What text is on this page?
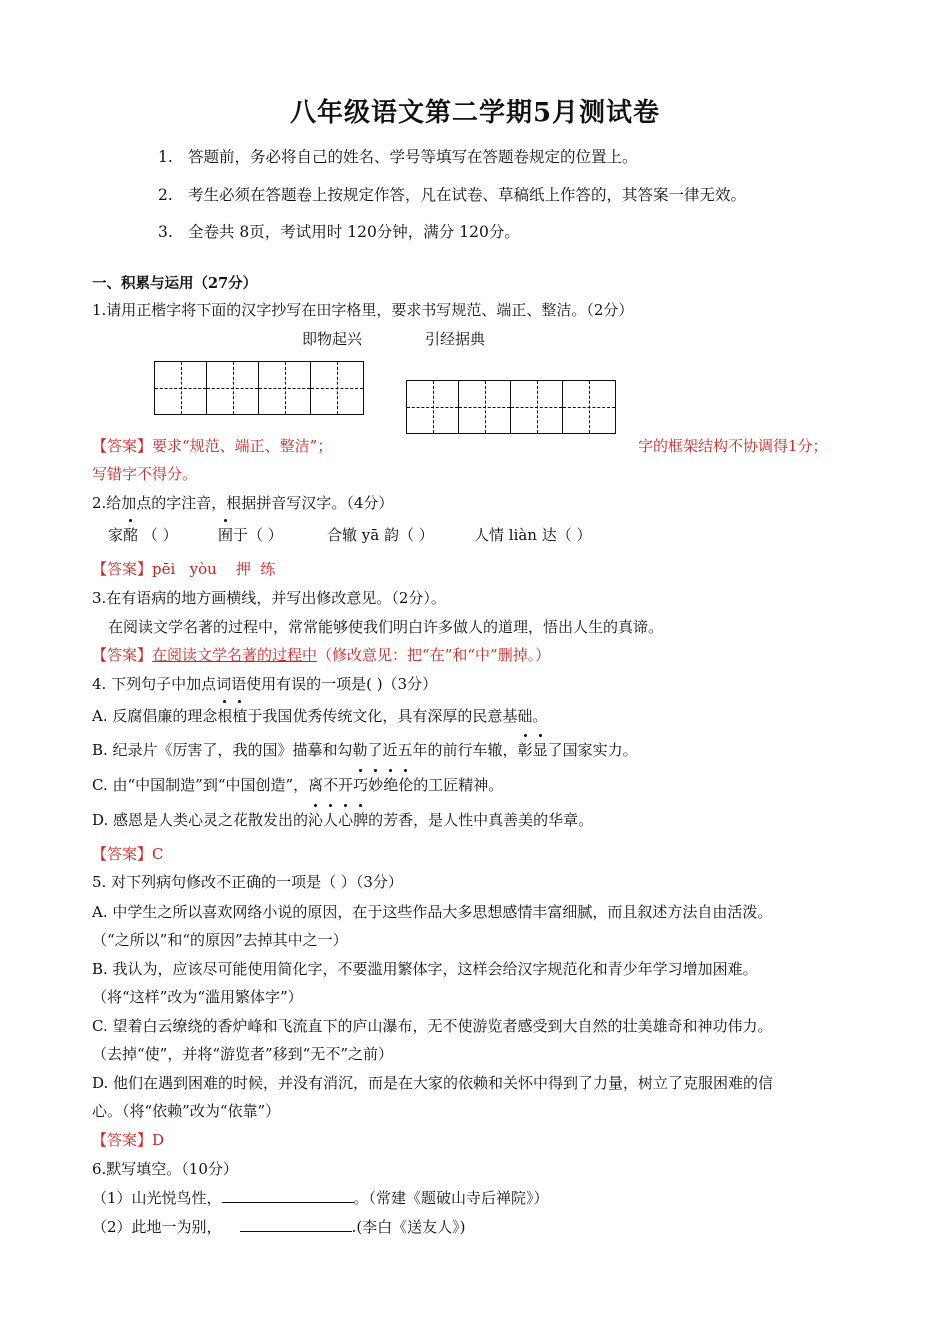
八年级语文第二学期5月测试卷
1. 答题前，务必将自己的姓名、学号等填写在答题卷规定的位置上。
2. 考生必须在答题卷上按规定作答，凡在试卷、草稿纸上作答的，其答案一律无效。
3. 全卷共 8页，考试用时 120分钟，满分 120分。
一、积累与运用（27分）
1.请用正楷字将下面的汉字抄写在田字格里，要求书写规范、端正、整洁。（2分）
即物起兴	引经据典
【答案】要求“规范、端正、整洁”；	字的框架结构不协调得1分；
写错字不得分。
2.给加点的字注音，根据拼音写汉字。（4分）
家酩 （ ）	囿于（ ）	合辙 yā 韵（ ）	人情 liàn 达（ ）
【答案】pēi   yòu    押  练
3.在有语病的地方画横线，并写出修改意见。（2分）。
在阅读文学名著的过程中，常常能够使我们明白许多做人的道理，悟出人生的真谛。
【答案】在阅读文学名著的过程中（修改意见：把“在”和“中”删掉。）
4. 下列句子中加点词语使用有误的一项是( )（3分）
A. 反腐倡廉的理念根植于我国优秀传统文化，具有深厚的民意基础。
B. 纪录片《厉害了，我的国》描摹和勾勒了近五年的前行车辙，彰显了国家实力。
C. 由“中国制造”到“中国创造”，离不开巧妙绝伦的工匠精神。
D. 感恩是人类心灵之花散发出的沁人心脾的芳香，是人性中真善美的华章。
【答案】C
5. 对下列病句修改不正确的一项是（ ）（3分）
A. 中学生之所以喜欢网络小说的原因，在于这些作品大多思想感情丰富细腻，而且叙述方法自由活泼。
（“之所以”和“的原因”去掉其中之一）
B. 我认为，应该尽可能使用简化字，不要滥用繁体字，这样会给汉字规范化和青少年学习增加困难。
（将“这样”改为“滥用繁体字”）
C. 望着白云缭绕的香炉峰和飞流直下的庐山瀑布，无不使游览者感受到大自然的壮美雄奇和神功伟力。
（去掉“使”，并将“游览者”移到“无不”之前）
D. 他们在遇到困难的时候，并没有消沉，而是在大家的依赖和关怀中得到了力量，树立了克服困难的信
心。（将“依赖”改为“依靠”）
【答案】D
6.默写填空。（10分）
（1）山光悦鸟性，	。（常建《题破山寺后禅院》）
（2）此地一为别，	.(李白《送友人》)
